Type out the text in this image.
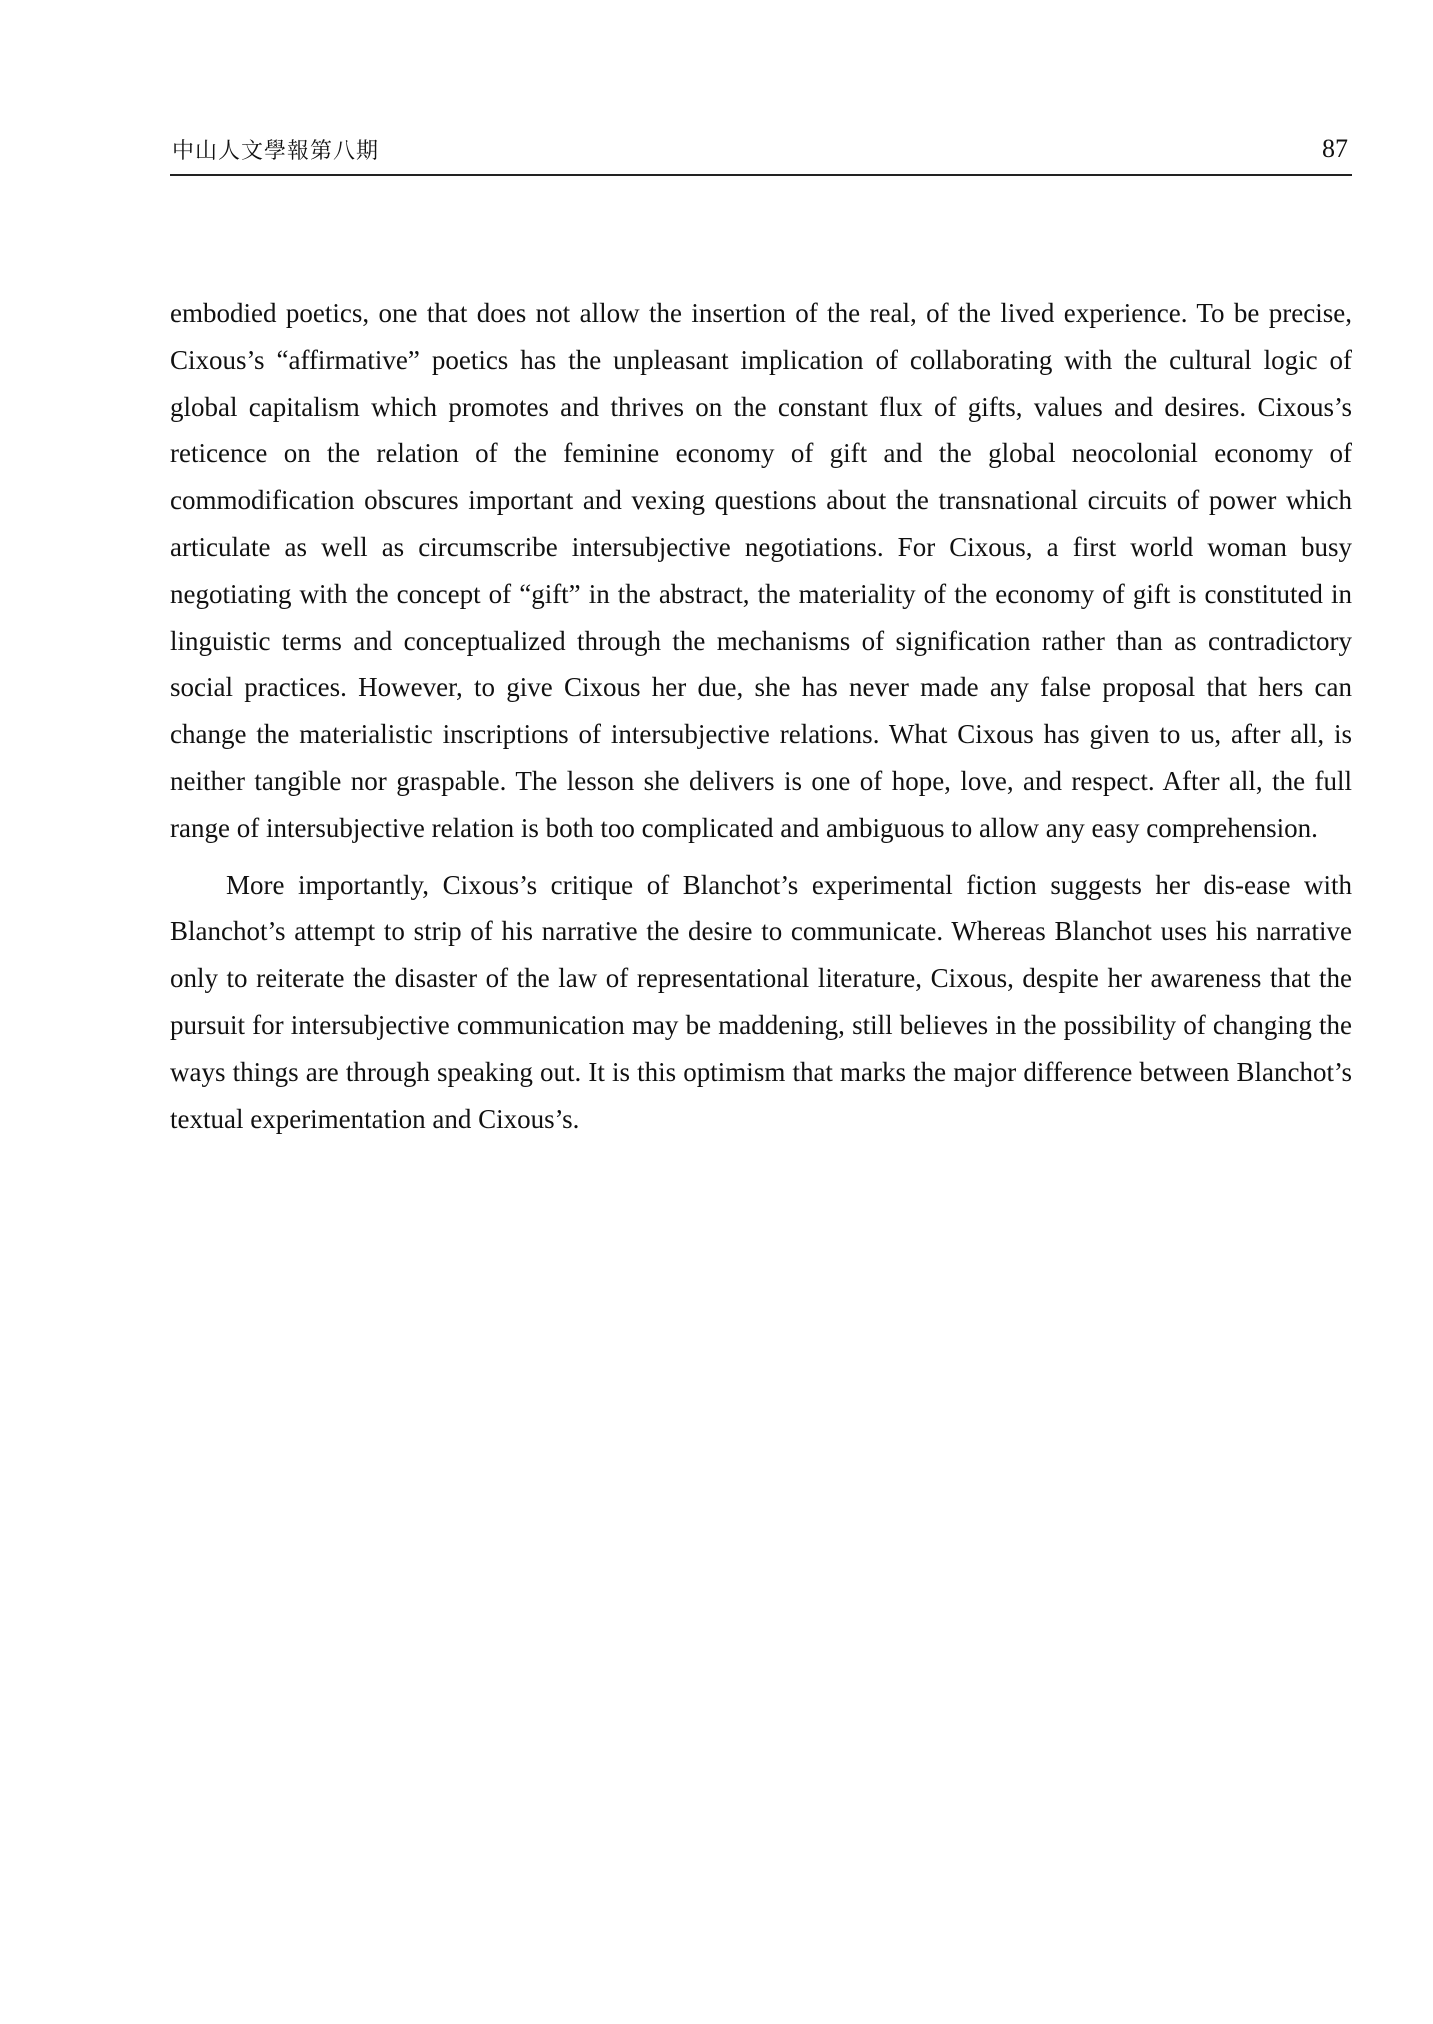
中山人文學報第八期	87

embodied poetics, one that does not allow the insertion of the real, of the lived experience. To be precise, Cixous’s “affirmative” poetics has the unpleasant implication of collaborating with the cultural logic of global capitalism which promotes and thrives on the constant flux of gifts, values and desires. Cixous’s reticence on the relation of the feminine economy of gift and the global neocolonial economy of commodification obscures important and vexing questions about the transnational circuits of power which articulate as well as circumscribe intersubjective negotiations. For Cixous, a first world woman busy negotiating with the concept of “gift” in the abstract, the materiality of the economy of gift is constituted in linguistic terms and conceptualized through the mechanisms of signification rather than as contradictory social practices. However, to give Cixous her due, she has never made any false proposal that hers can change the materialistic inscriptions of intersubjective relations. What Cixous has given to us, after all, is neither tangible nor graspable. The lesson she delivers is one of hope, love, and respect. After all, the full range of intersubjective relation is both too complicated and ambiguous to allow any easy comprehension.

More importantly, Cixous’s critique of Blanchot’s experimental fiction suggests her dis-ease with Blanchot’s attempt to strip of his narrative the desire to communicate. Whereas Blanchot uses his narrative only to reiterate the disaster of the law of representational literature, Cixous, despite her awareness that the pursuit for intersubjective communication may be maddening, still believes in the possibility of changing the ways things are through speaking out. It is this optimism that marks the major difference between Blanchot’s textual experimentation and Cixous’s.
